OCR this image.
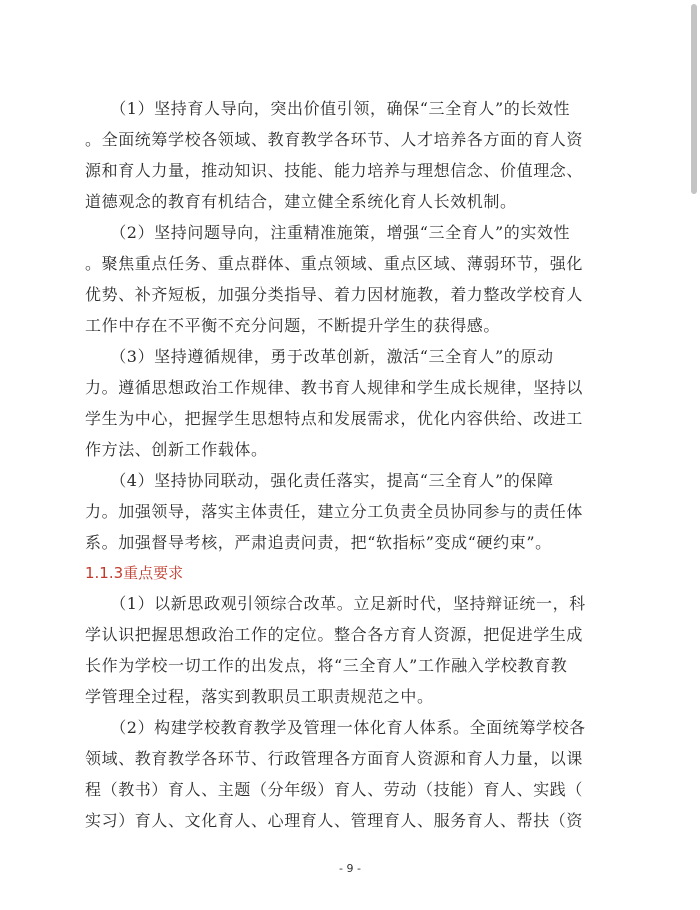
　　（1）坚持育人导向，突出价值引领，确保“三全育人”的长效性

。全面统筹学校各领域、教育教学各环节、人才培养各方面的育人资

源和育人力量，推动知识、技能、能力培养与理想信念、价值理念、

道德观念的教育有机结合，建立健全系统化育人长效机制。

　　（2）坚持问题导向，注重精准施策，增强“三全育人”的实效性

。聚焦重点任务、重点群体、重点领域、重点区域、薄弱环节，强化

优势、补齐短板，加强分类指导、着力因材施教，着力整改学校育人

工作中存在不平衡不充分问题，不断提升学生的获得感。

　　（3）坚持遵循规律，勇于改革创新，激活“三全育人”的原动

力。遵循思想政治工作规律、教书育人规律和学生成长规律，坚持以

学生为中心，把握学生思想特点和发展需求，优化内容供给、改进工

作方法、创新工作载体。

　　（4）坚持协同联动，强化责任落实，提高“三全育人”的保障

力。加强领导，落实主体责任，建立分工负责全员协同参与的责任体

系。加强督导考核，严肃追责问责，把“软指标”变成“硬约束”。

1.1.3重点要求

　　（1）以新思政观引领综合改革。立足新时代，坚持辩证统一，科

学认识把握思想政治工作的定位。整合各方育人资源，把促进学生成

长作为学校一切工作的出发点，将“三全育人”工作融入学校教育教

学管理全过程，落实到教职员工职责规范之中。

　　（2）构建学校教育教学及管理一体化育人体系。全面统筹学校各

领域、教育教学各环节、行政管理各方面育人资源和育人力量，以课

程（教书）育人、主题（分年级）育人、劳动（技能）育人、实践（

实习）育人、文化育人、心理育人、管理育人、服务育人、帮扶（资

- 9 -
